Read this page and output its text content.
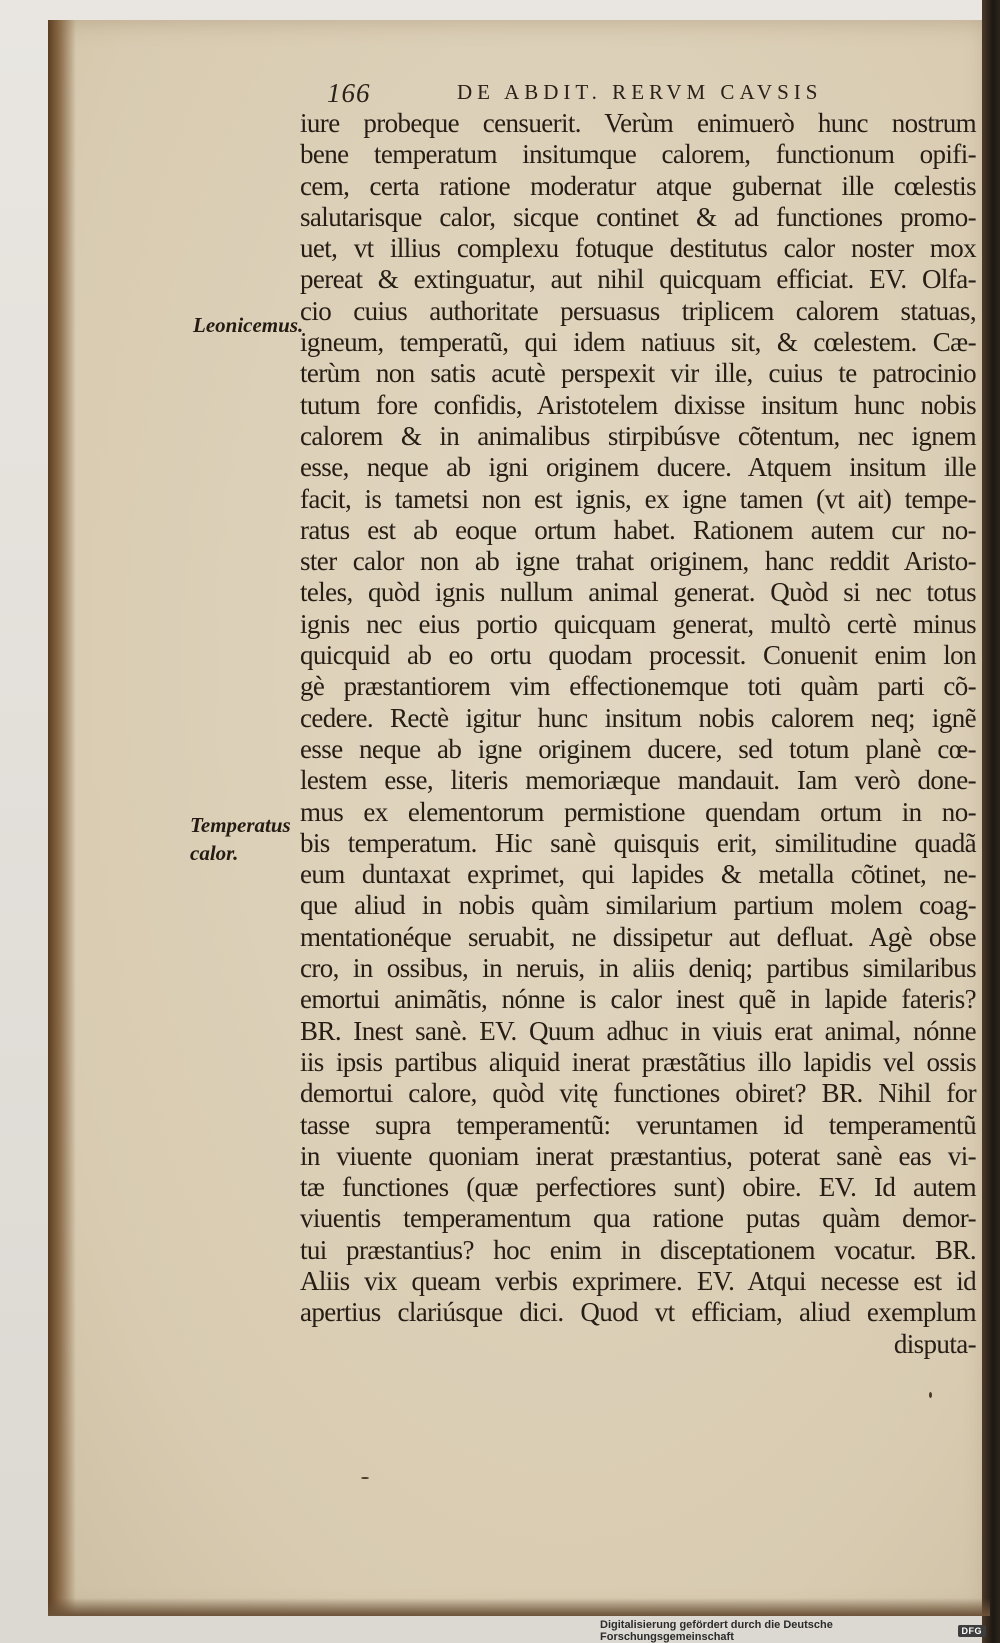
166	DE ABDIT. RERVM CAVSIS
Leonicemus.
Temperatus
calor.
iure probeque censuerit. Verùm enimuerò hunc nostrum
bene temperatum insitumque calorem, functionum opifi-
cem, certa ratione moderatur atque gubernat ille cœlestis
salutarisque calor, sicque continet & ad functiones promo-
uet, vt illius complexu fotuque destitutus calor noster mox
pereat & extinguatur, aut nihil quicquam efficiat. EV. Olfa-
cio cuius authoritate persuasus triplicem calorem statuas,
igneum, temperatũ, qui idem natiuus sit, & cœlestem. Cæ-
terùm non satis acutè perspexit vir ille, cuius te patrocinio
tutum fore confidis, Aristotelem dixisse insitum hunc nobis
calorem & in animalibus stirpibúsve cõtentum, nec ignem
esse, neque ab igni originem ducere. Atquem insitum ille
facit, is tametsi non est ignis, ex igne tamen (vt ait) tempe-
ratus est ab eoque ortum habet. Rationem autem cur no-
ster calor non ab igne trahat originem, hanc reddit Aristo-
teles, quòd ignis nullum animal generat. Quòd si nec totus
ignis nec eius portio quicquam generat, multò certè minus
quicquid ab eo ortu quodam processit. Conuenit enim lon
gè præstantiorem vim effectionemque toti quàm parti cõ-
cedere. Rectè igitur hunc insitum nobis calorem neq; ignẽ
esse neque ab igne originem ducere, sed totum planè cœ-
lestem esse, literis memoriæque mandauit. Iam verò done-
mus ex elementorum permistione quendam ortum in no-
bis temperatum. Hic sanè quisquis erit, similitudine quadã
eum duntaxat exprimet, qui lapides & metalla cõtinet, ne-
que aliud in nobis quàm similarium partium molem coag-
mentationéque seruabit, ne dissipetur aut defluat. Agè obse
cro, in ossibus, in neruis, in aliis deniq; partibus similaribus
emortui animãtis, nónne is calor inest quẽ in lapide fateris?
BR. Inest sanè. EV. Quum adhuc in viuis erat animal, nónne
iis ipsis partibus aliquid inerat præstãtius illo lapidis vel ossis
demortui calore, quòd vitę functiones obiret? BR. Nihil for
tasse supra temperamentũ: veruntamen id temperamentũ
in viuente quoniam inerat præstantius, poterat sanè eas vi-
tæ functiones (quæ perfectiores sunt) obire. EV. Id autem
viuentis temperamentum qua ratione putas quàm demor-
tui præstantius? hoc enim in disceptationem vocatur. BR.
Aliis vix queam verbis exprimere. EV. Atqui necesse est id
apertius clariúsque dici. Quod vt efficiam, aliud exemplum
disputa-
Digitalisierung gefördert durch die Deutsche Forschungsgemeinschaft	DFG
